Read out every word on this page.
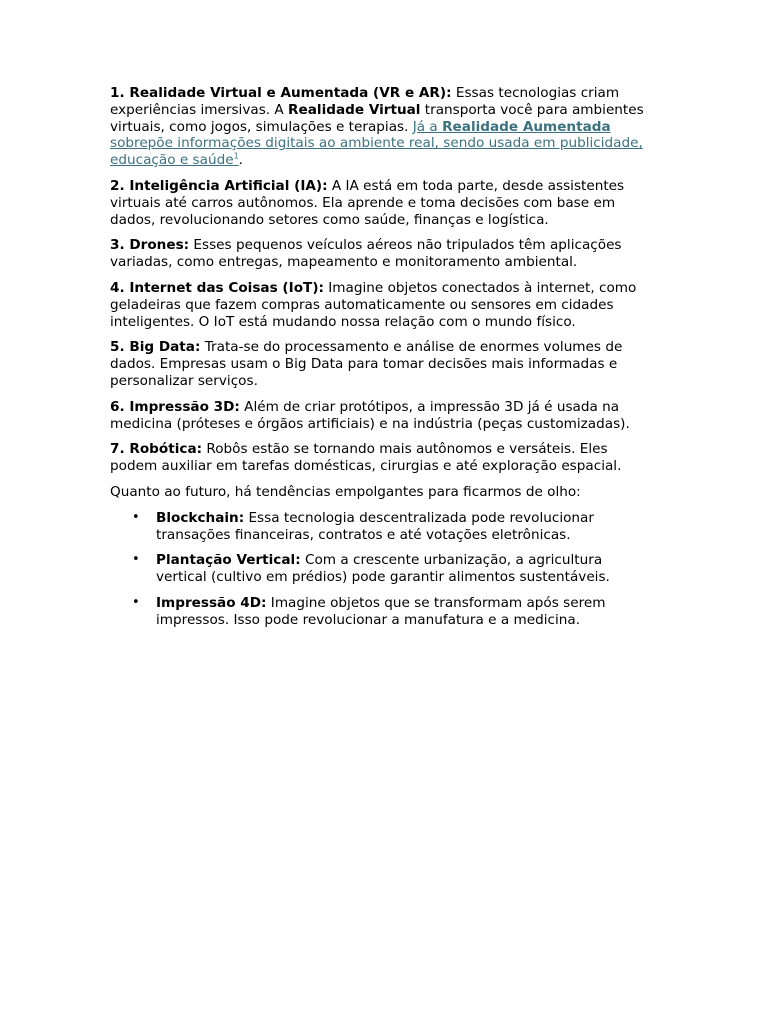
1. Realidade Virtual e Aumentada (VR e AR): Essas tecnologias criam experiências imersivas. A Realidade Virtual transporta você para ambientes virtuais, como jogos, simulações e terapias. Já a Realidade Aumentada sobrepõe informações digitais ao ambiente real, sendo usada em publicidade, educação e saúde$^1$.

2. Inteligência Artificial (IA): A IA está em toda parte, desde assistentes virtuais até carros autônomos. Ela aprende e toma decisões com base em dados, revolucionando setores como saúde, finanças e logística.

3. Drones: Esses pequenos veículos aéreos não tripulados têm aplicações variadas, como entregas, mapeamento e monitoramento ambiental.

4. Internet das Coisas (IoT): Imagine objetos conectados à internet, como geladeiras que fazem compras automaticamente ou sensores em cidades inteligentes. O IoT está mudando nossa relação com o mundo físico.

5. Big Data: Trata-se do processamento e análise de enormes volumes de dados. Empresas usam o Big Data para tomar decisões mais informadas e personalizar serviços.

6. Impressão 3D: Além de criar protótipos, a impressão 3D já é usada na medicina (próteses e órgãos artificiais) e na indústria (peças customizadas).

7. Robótica: Robôs estão se tornando mais autônomos e versáteis. Eles podem auxiliar em tarefas domésticas, cirurgias e até exploração espacial.

Quanto ao futuro, há tendências empolgantes para ficarmos de olho:

• Blockchain: Essa tecnologia descentralizada pode revolucionar transações financeiras, contratos e até votações eletrônicas.
• Plantação Vertical: Com a crescente urbanização, a agricultura vertical (cultivo em prédios) pode garantir alimentos sustentáveis.
• Impressão 4D: Imagine objetos que se transformam após serem impressos. Isso pode revolucionar a manufatura e a medicina.
